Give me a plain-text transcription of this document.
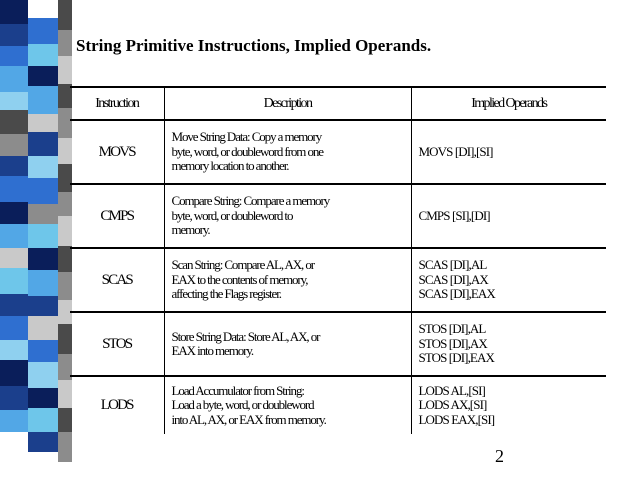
String Primitive Instructions, Implied Operands.
Instruction	Description	Implied Operands
MOVS	Move String Data: Copy a memory
byte, word, or doubleword from one
memory location to another.	MOVS [DI],[SI]

CMPS	Compare String: Compare a memory
byte, word, or doubleword to
memory.	CMPS [SI],[DI]

SCAS	Scan String: Compare AL, AX, or
EAX to the contents of memory,
affecting the Flags register.	SCAS [DI],AL
SCAS [DI],AX
SCAS [DI],EAX

STOS	Store String Data: Store AL, AX, or
EAX into memory.	STOS [DI],AL
STOS [DI],AX
STOS [DI],EAX

LODS	Load Accumulator from String:
Load a byte, word, or doubleword
into AL, AX, or EAX from memory.	LODS AL,[SI]
LODS AX,[SI]
LODS EAX,[SI]
2
